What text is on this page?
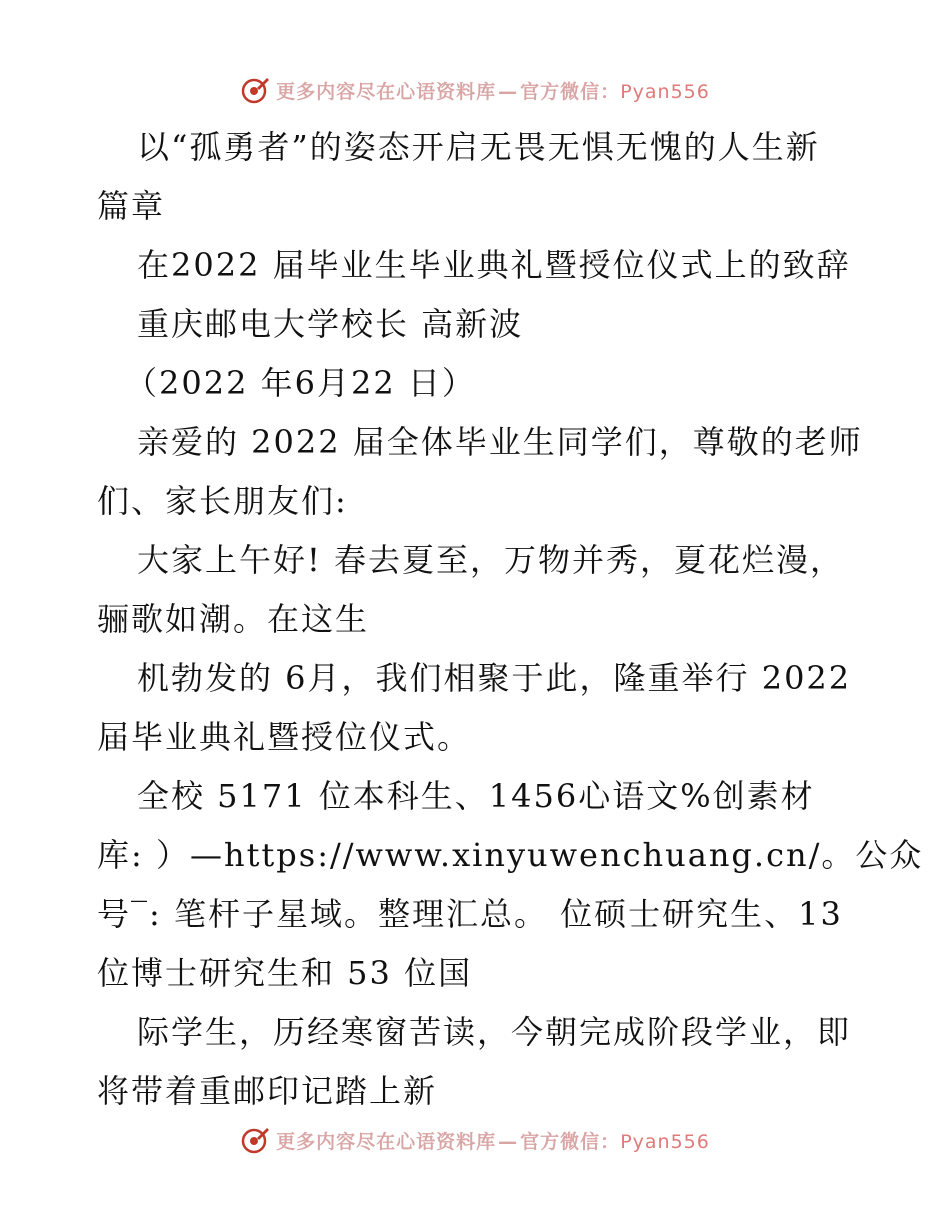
更多内容尽在心语资料库 — 官方微信：Pyan556
以“孤勇者”的姿态开启无畏无惧无愧的人生新
篇章
在2022 届毕业生毕业典礼暨授位仪式上的致辞
重庆邮电大学校长 高新波
（2022 年6月22 日）
亲爱的 2022 届全体毕业生同学们，尊敬的老师
们、家长朋友们:
大家上午好! 春去夏至，万物并秀，夏花烂漫，
骊歌如潮。在这生
机勃发的 6月，我们相聚于此，隆重举行 2022
届毕业典礼暨授位仪式。
全校 5171 位本科生、1456心语文%创素材
库: ）—https://www.xinyuwenchuang.cn/。公众
号‾: 笔杆子星域。整理汇总。 位硕士研究生、13
位博士研究生和 53 位国
际学生，历经寒窗苦读，今朝完成阶段学业，即
将带着重邮印记踏上新
更多内容尽在心语资料库 — 官方微信：Pyan556
